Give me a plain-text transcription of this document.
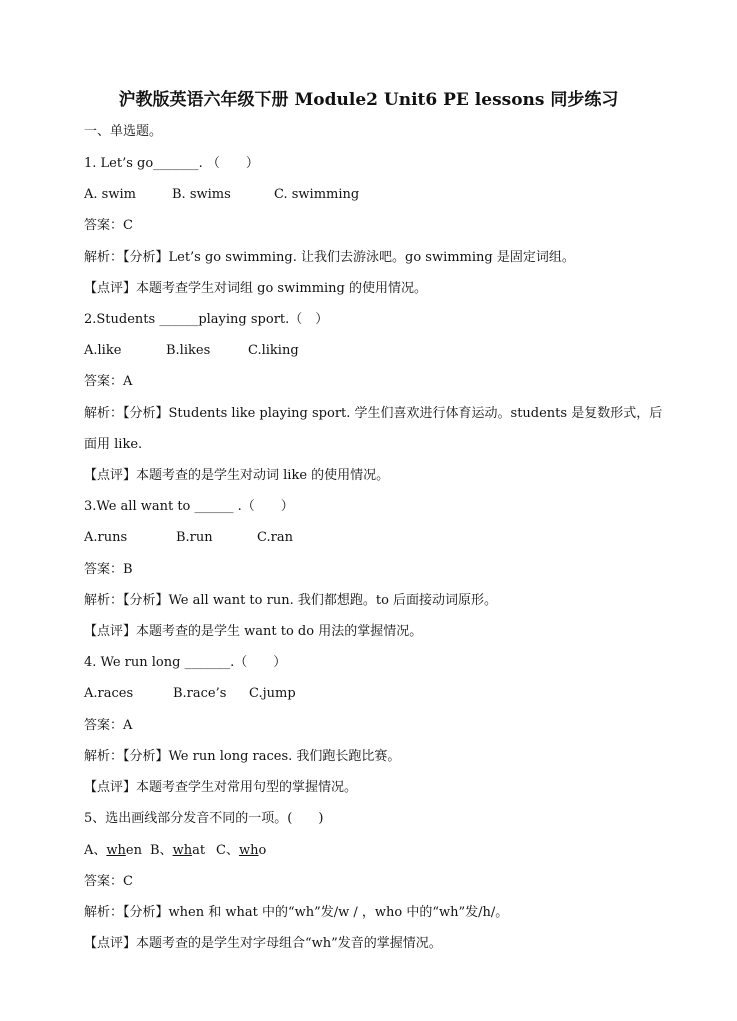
沪教版英语六年级下册 Module2 Unit6 PE lessons 同步练习
一、单选题。
1. Let’s go_______. （　　）
A. swim	B. swims	C. swimming
答案：C
解析：【分析】Let’s go swimming. 让我们去游泳吧。go swimming 是固定词组。
【点评】本题考查学生对词组 go swimming 的使用情况。
2.Students ______playing sport.（　）
A.like	B.likes	C.liking
答案：A
解析：【分析】Students like playing sport. 学生们喜欢进行体育运动。students 是复数形式，后
面用 like.
【点评】本题考查的是学生对动词 like 的使用情况。
3.We all want to ______ .（　　）
A.runs	B.run	C.ran
答案：B
解析：【分析】We all want to run. 我们都想跑。to 后面接动词原形。
【点评】本题考查的是学生 want to do 用法的掌握情况。
4. We run long _______.（　　）
A.races	B.race’s C.jump
答案：A
解析：【分析】We run long races. 我们跑长跑比赛。
【点评】本题考查学生对常用句型的掌握情况。
5、选出画线部分发音不同的一项。(　　)
A、when B、what C、who
答案：C
解析：【分析】when 和 what 中的“wh”发/w / ，who 中的“wh”发/h/。
【点评】本题考查的是学生对字母组合“wh”发音的掌握情况。
